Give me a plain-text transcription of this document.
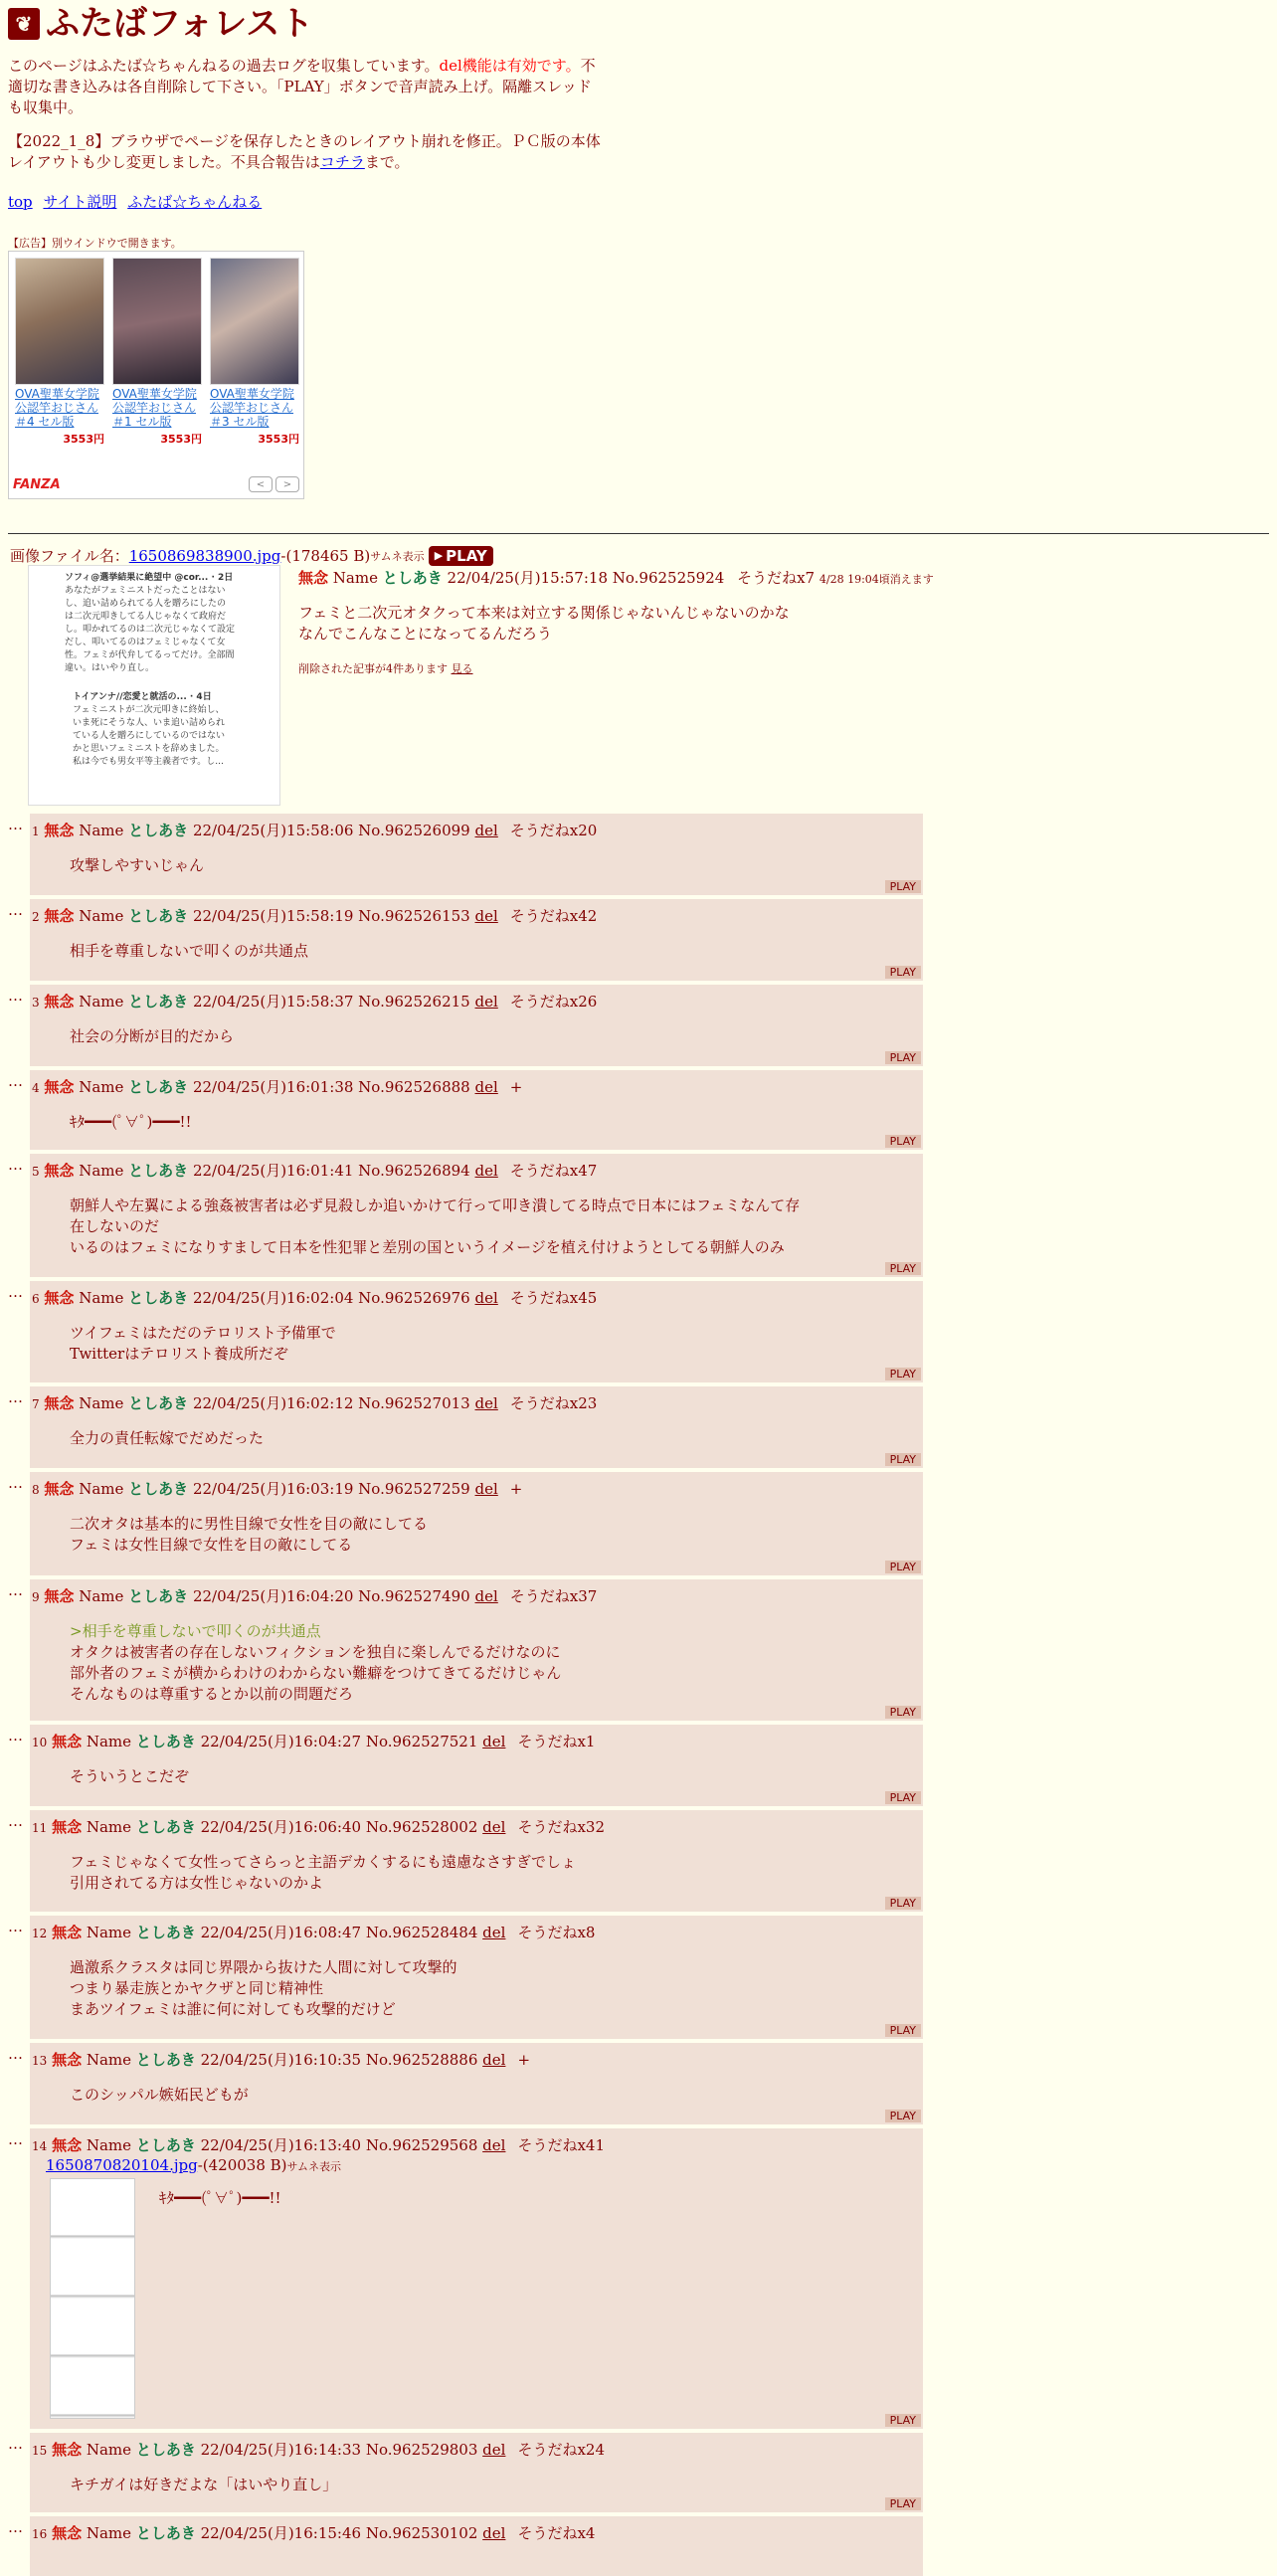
❦ ふたばフォレスト
このページはふたば☆ちゃんねるの過去ログを収集しています。del機能は有効です。不適切な書き込みは各自削除して下さい。「PLAY」ボタンで音声読み上げ。隔離スレッドも収集中。
【2022_1_8】ブラウザでページを保存したときのレイアウト崩れを修正。ＰＣ版の本体レイアウトも少し変更しました。不具合報告はコチラまで。
top サイト説明 ふたば☆ちゃんねる
【広告】別ウインドウで開きます。
OVA聖華女学院公認竿おじさん ＃4 セル版
3553円
OVA聖華女学院公認竿おじさん ＃1 セル版
3553円
OVA聖華女学院公認竿おじさん ＃3 セル版
3553円
FANZA	<	>
画像ファイル名： 1650869838900.jpg -(178465 B) サムネ表示 ▶ PLAY
ソフィ@選挙結果に絶望中 @cor... · 2日
あなたがフェミニストだったことはない
し、追い詰められてる人を贈ろにしたの
は二次元叩きしてる人じゃなくて政府だ
し。叩かれてるのは二次元じゃなくて設定
だし、叩いてるのはフェミじゃなくて女
性。フェミが代弁してるってだけ。全部間
違い。はいやり直し。
トイアンナ//恋愛と就活の... · 4日
フェミニストが二次元叩きに終始し、
いま死にそうな人、いま追い詰められ
ている人を贈ろにしているのではない
かと思いフェミニストを辞めました。
私は今でも男女平等主義者です。し...
無念 Name としあき 22/04/25(月)15:57:18 No.962525924 そうだねx7 4/28 19:04頃消えます
フェミと二次元オタクって本来は対立する関係じゃないんじゃないのかな
なんでこんなことになってるんだろう
削除された記事が4件あります 見る
… 1 無念 Name としあき 22/04/25(月)15:58:06 No.962526099 del そうだねx20
攻撃しやすいじゃん
PLAY
… 2 無念 Name としあき 22/04/25(月)15:58:19 No.962526153 del そうだねx42
相手を尊重しないで叩くのが共通点
PLAY
… 3 無念 Name としあき 22/04/25(月)15:58:37 No.962526215 del そうだねx26
社会の分断が目的だから
PLAY
… 4 無念 Name としあき 22/04/25(月)16:01:38 No.962526888 del +
ｷﾀ━━━(ﾟ∀ﾟ)━━━!!
PLAY
… 5 無念 Name としあき 22/04/25(月)16:01:41 No.962526894 del そうだねx47
朝鮮人や左翼による強姦被害者は必ず見殺しか追いかけて行って叩き潰してる時点で日本にはフェミなんて存
在しないのだ
いるのはフェミになりすまして日本を性犯罪と差別の国というイメージを植え付けようとしてる朝鮮人のみ
PLAY
… 6 無念 Name としあき 22/04/25(月)16:02:04 No.962526976 del そうだねx45
ツイフェミはただのテロリスト予備軍で
Twitterはテロリスト養成所だぞ
PLAY
… 7 無念 Name としあき 22/04/25(月)16:02:12 No.962527013 del そうだねx23
全力の責任転嫁でだめだった
PLAY
… 8 無念 Name としあき 22/04/25(月)16:03:19 No.962527259 del +
二次オタは基本的に男性目線で女性を目の敵にしてる
フェミは女性目線で女性を目の敵にしてる
PLAY
… 9 無念 Name としあき 22/04/25(月)16:04:20 No.962527490 del そうだねx37
>相手を尊重しないで叩くのが共通点
オタクは被害者の存在しないフィクションを独自に楽しんでるだけなのに
部外者のフェミが横からわけのわからない難癖をつけてきてるだけじゃん
そんなものは尊重するとか以前の問題だろ
PLAY
… 10 無念 Name としあき 22/04/25(月)16:04:27 No.962527521 del そうだねx1
そういうとこだぞ
PLAY
… 11 無念 Name としあき 22/04/25(月)16:06:40 No.962528002 del そうだねx32
フェミじゃなくて女性ってさらっと主語デカくするにも遠慮なさすぎでしょ
引用されてる方は女性じゃないのかよ
PLAY
… 12 無念 Name としあき 22/04/25(月)16:08:47 No.962528484 del そうだねx8
過激系クラスタは同じ界隈から抜けた人間に対して攻撃的
つまり暴走族とかヤクザと同じ精神性
まあツイフェミは誰に何に対しても攻撃的だけど
PLAY
… 13 無念 Name としあき 22/04/25(月)16:10:35 No.962528886 del +
このシッパル嫉妬民どもが
PLAY
… 14 無念 Name としあき 22/04/25(月)16:13:40 No.962529568 del そうだねx41
1650870820104.jpg-(420038 B)サムネ表示
ｷﾀ━━━(ﾟ∀ﾟ)━━━!!
PLAY
… 15 無念 Name としあき 22/04/25(月)16:14:33 No.962529803 del そうだねx24
キチガイは好きだよな「はいやり直し」
PLAY
… 16 無念 Name としあき 22/04/25(月)16:15:46 No.962530102 del そうだねx4
